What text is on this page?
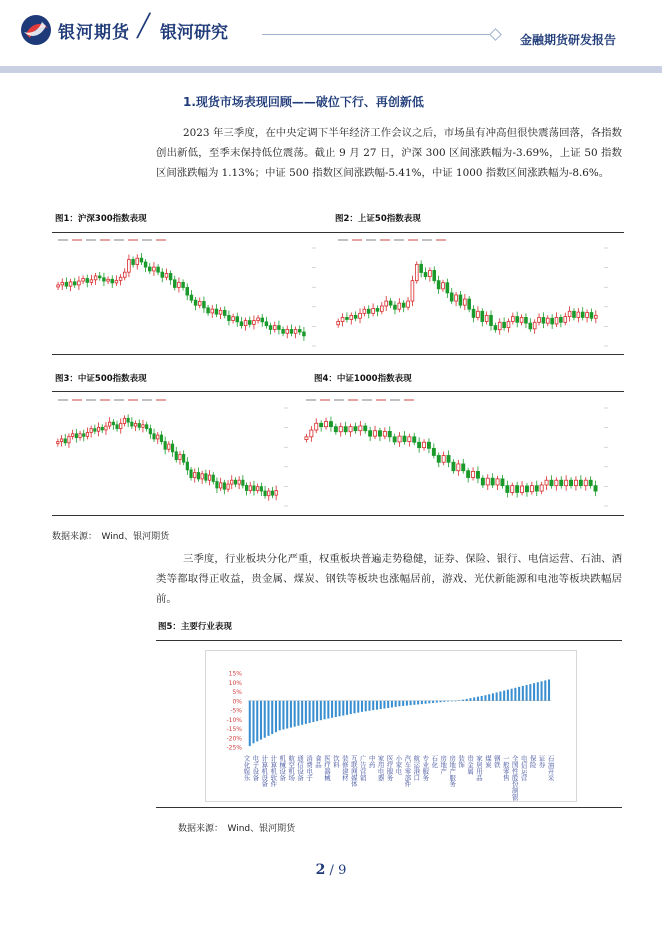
银河期货 ╱ 银河研究	金融期货研发报告
1.现货市场表现回顾——破位下行、再创新低
2023 年三季度，在中央定调下半年经济工作会议之后，市场虽有冲高但很快震荡回落，各指数创出新低，至季末保持低位震荡。截止 9 月 27 日，沪深 300 区间涨跌幅为-3.69%，上证 50 指数区间涨跌幅为 1.13%；中证 500 指数区间涨跌幅-5.41%，中证 1000 指数区间涨跌幅为-8.6%。
图1：沪深300指数表现	图2：上证50指数表现
图3：中证500指数表现	图4：中证1000指数表现
数据来源：　Wind、银河期货
三季度，行业板块分化严重，权重板块普遍走势稳健，证券、保险、银行、电信运营、石油、酒类等都取得正收益，贵金属、煤炭、钢铁等板块也涨幅居前，游戏、光伏新能源和电池等板块跌幅居前。
图5：主要行业表现
15%
10%
5%
0%
-5%
-10%
-15%
-20%
-25%
文化娱乐 电子设备 计算机设备 计算机软件 机械设备 航空机场 通信设备 消费电子 食品 医疗器械 饮料 装修建材 互联网媒体 广告营销 中药 家用电器 医疗服务 小家电 汽车零部件 航运港口 专业服务 石化 房地产 房地产服务 装饰 贵金属 家居用品 煤炭 钢铁 一般零售 全国性股份制银行 电信运营 保险 证券 石油开采
数据来源：　Wind、银河期货
2 / 9
